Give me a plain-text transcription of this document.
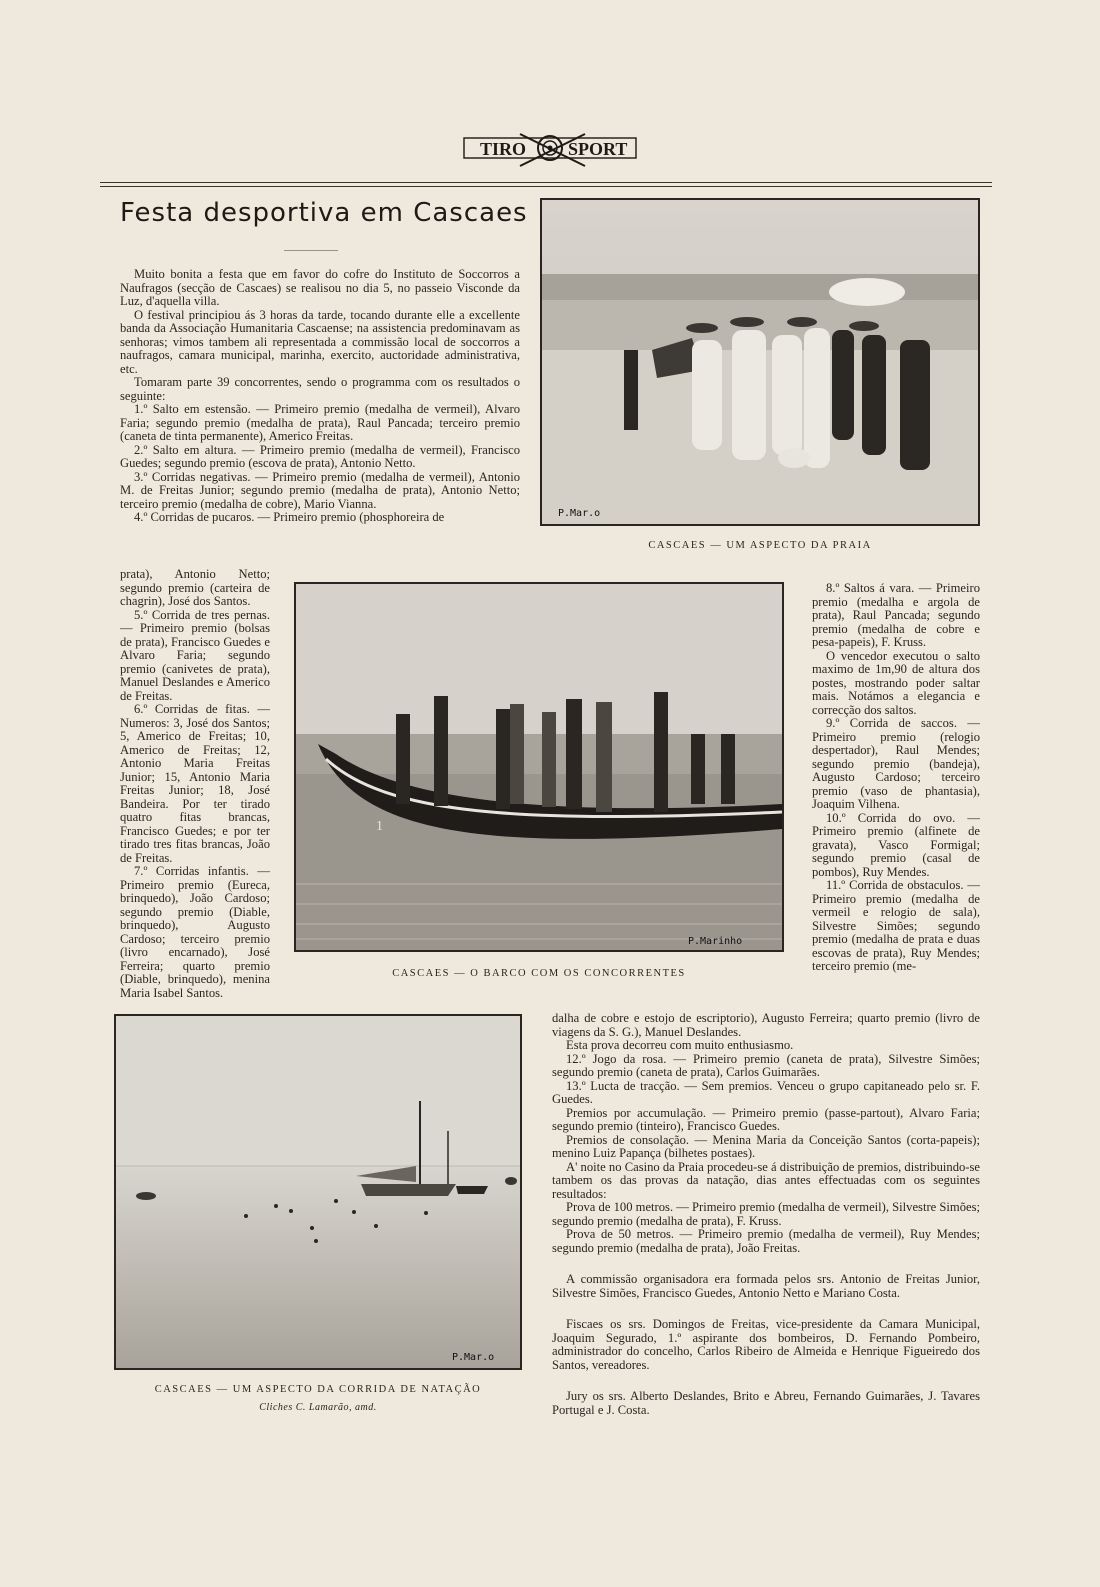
TIRO SPORT
Festa desportiva em Cascaes

Muito bonita a festa que em favor do cofre do Instituto de Soccorros a Naufragos (secção de Cascaes) se realisou no dia 5, no passeio Visconde da Luz, d'aquella villa.

O festival principiou ás 3 horas da tarde, tocando durante elle a excellente banda da Associação Humanitaria Cascaense; na assistencia predominavam as senhoras; vimos tambem ali representada a commissão local de soccorros a naufragos, camara municipal, marinha, exercito, auctoridade administrativa, etc.

Tomaram parte 39 concorrentes, sendo o programma com os resultados o seguinte:

1.º Salto em estensão. — Primeiro premio (medalha de vermeil), Alvaro Faria; segundo premio (medalha de prata), Raul Pancada; terceiro premio (caneta de tinta permanente), Americo Freitas.

2.º Salto em altura. — Primeiro premio (medalha de vermeil), Francisco Guedes; segundo premio (escova de prata), Antonio Netto.

3.º Corridas negativas. — Primeiro premio (medalha de vermeil), Antonio M. de Freitas Junior; segundo premio (medalha de prata), Antonio Netto; terceiro premio (medalha de cobre), Mario Vianna.

4.º Corridas de pucaros. — Primeiro premio (phosphoreira de

prata), Antonio Netto; segundo premio (carteira de chagrin), José dos Santos.

5.º Corrida de tres pernas. — Primeiro premio (bolsas de prata), Francisco Guedes e Alvaro Faria; segundo premio (canivetes de prata), Manuel Deslandes e Americo de Freitas.

6.º Corridas de fitas. — Numeros: 3, José dos Santos; 5, Americo de Freitas; 10, Americo de Freitas; 12, Antonio Maria Freitas Junior; 15, Antonio Maria Freitas Junior; 18, José Bandeira. Por ter tirado quatro fitas brancas, Francisco Guedes; e por ter tirado tres fitas brancas, João de Freitas.

7.º Corridas infantis. — Primeiro premio (Eureca, brinquedo), João Cardoso; segundo premio (Diable, brinquedo), Augusto Cardoso; terceiro premio (livro encarnado), José Ferreira; quarto premio (Diable, brinquedo), menina Maria Isabel Santos.

8.º Saltos á vara. — Primeiro premio (medalha e argola de prata), Raul Pancada; segundo premio (medalha de cobre e pesa-papeis), F. Kruss.

O vencedor executou o salto maximo de 1m,90 de altura dos postes, mostrando poder saltar mais. Notámos a elegancia e correcção dos saltos.

9.º Corrida de saccos. — Primeiro premio (relogio despertador), Raul Mendes; segundo premio (bandeja), Augusto Cardoso; terceiro premio (vaso de phantasia), Joaquim Vilhena.

10.º Corrida do ovo. — Primeiro premio (alfinete de gravata), Vasco Formigal; segundo premio (casal de pombos), Ruy Mendes.

11.º Corrida de obstaculos. — Primeiro premio (medalha de vermeil e relogio de sala), Silvestre Simões; segundo premio (medalha de prata e duas escovas de prata), Ruy Mendes; terceiro premio (me-

dalha de cobre e estojo de escriptorio), Augusto Ferreira; quarto premio (livro de viagens da S. G.), Manuel Deslandes.

Esta prova decorreu com muito enthusiasmo.

12.º Jogo da rosa. — Primeiro premio (caneta de prata), Silvestre Simões; segundo premio (caneta de prata), Carlos Guimarães.

13.º Lucta de tracção. — Sem premios. Venceu o grupo capitaneado pelo sr. F. Guedes.

Premios por accumulação. — Primeiro premio (passe-partout), Alvaro Faria; segundo premio (tinteiro), Francisco Guedes.

Premios de consolação. — Menina Maria da Conceição Santos (corta-papeis); menino Luiz Papança (bilhetes postaes).

A' noite no Casino da Praia procedeu-se á distribuição de premios, distribuindo-se tambem os das provas da natação, dias antes effectuadas com os seguintes resultados:

Prova de 100 metros. — Primeiro premio (medalha de vermeil), Silvestre Simões; segundo premio (medalha de prata), F. Kruss.

Prova de 50 metros. — Primeiro premio (medalha de vermeil), Ruy Mendes; segundo premio (medalha de prata), João Freitas.

A commissão organisadora era formada pelos srs. Antonio de Freitas Junior, Silvestre Simões, Francisco Guedes, Antonio Netto e Mariano Costa.

Fiscaes os srs. Domingos de Freitas, vice-presidente da Camara Municipal, Joaquim Segurado, 1.º aspirante dos bombeiros, D. Fernando Pombeiro, administrador do concelho, Carlos Ribeiro de Almeida e Henrique Figueiredo dos Santos, vereadores.

Jury os srs. Alberto Deslandes, Brito e Abreu, Fernando Guimarães, J. Tavares Portugal e J. Costa.

P.Mar.o
CASCAES — UM ASPECTO DA PRAIA
1
P.Marinho
CASCAES — O BARCO COM OS CONCORRENTES
P.Mar.o
CASCAES — UM ASPECTO DA CORRIDA DE NATAÇÃO
Cliches C. Lamarão, amd.
